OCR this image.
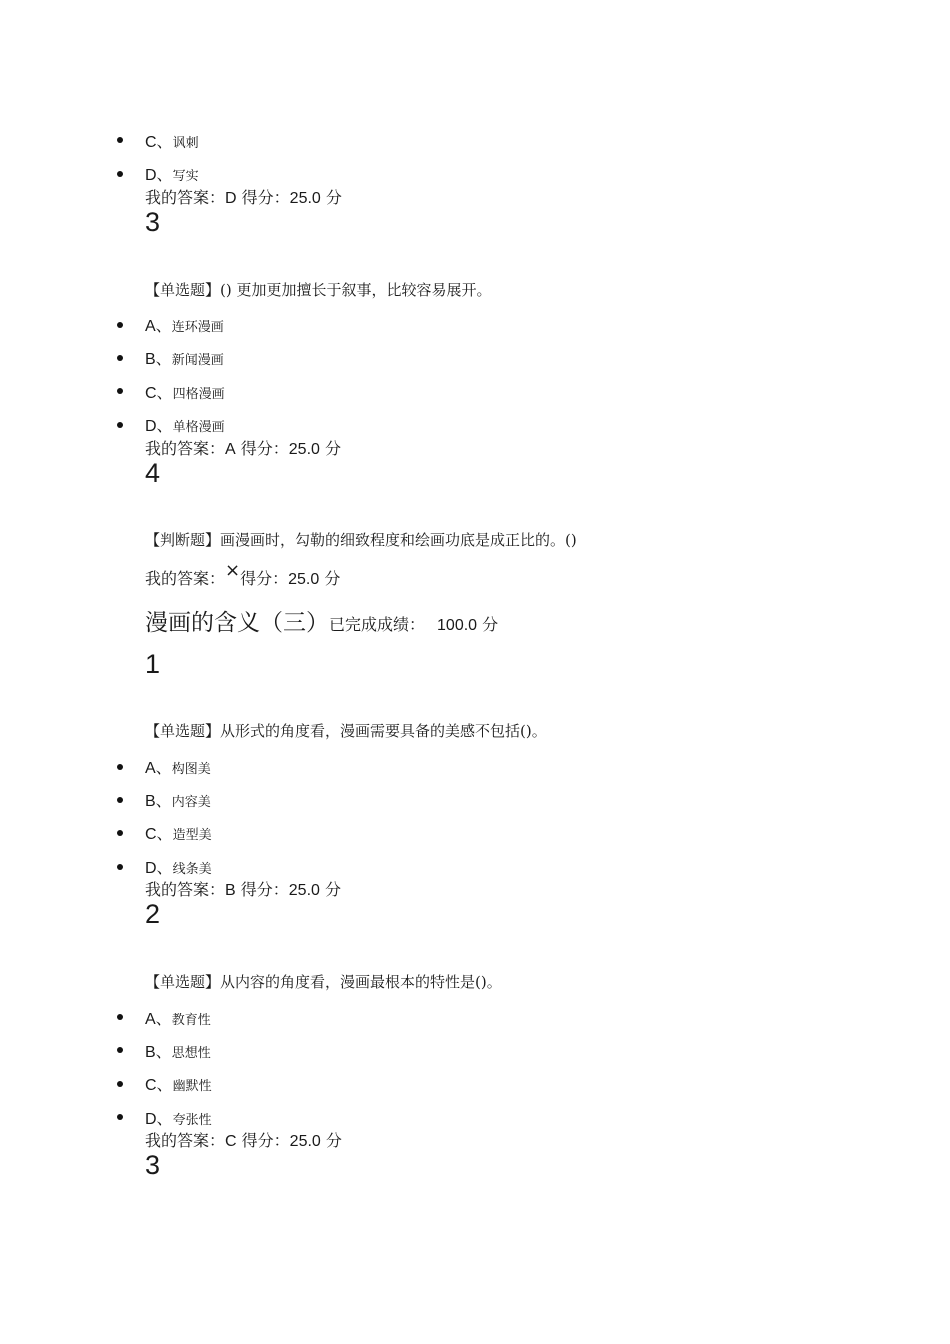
C、讽刺
D、写实
我的答案：D 得分：25.0 分
3
【单选题】() 更加更加擅长于叙事，比较容易展开。
A、连环漫画
B、新闻漫画
C、四格漫画
D、单格漫画
我的答案：A 得分：25.0 分
4
【判断题】画漫画时，勾勒的细致程度和绘画功底是成正比的。()
我的答案：×得分：25.0 分
漫画的含义（三）已完成成绩： 100.0 分
1
【单选题】从形式的角度看，漫画需要具备的美感不包括()。
A、构图美
B、内容美
C、造型美
D、线条美
我的答案：B 得分：25.0 分
2
【单选题】从内容的角度看，漫画最根本的特性是()。
A、教育性
B、思想性
C、幽默性
D、夸张性
我的答案：C 得分：25.0 分
3
